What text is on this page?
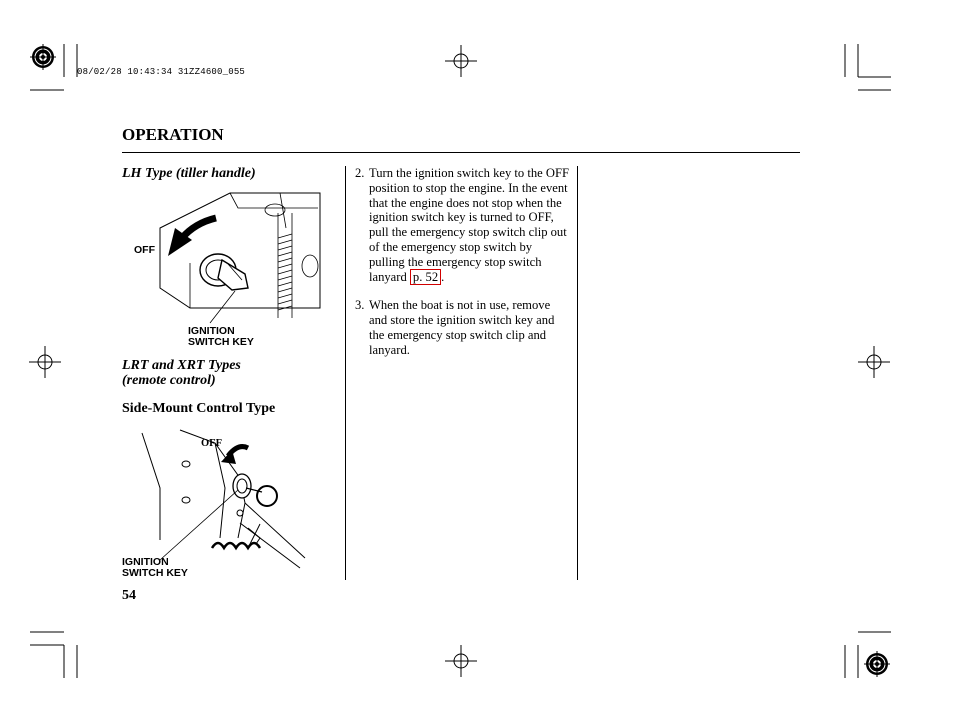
08/02/28 10:43:34 31ZZ4600_055
OPERATION
LH Type (tiller handle)
OFF
IGNITION
SWITCH KEY
LRT and XRT Types
(remote control)
Side-Mount Control Type
OFF
IGNITION
SWITCH KEY
2. Turn the ignition switch key to the OFF position to stop the engine. In the event that the engine does not stop when the ignition switch key is turned to OFF, pull the emergency stop switch clip out of the emergency stop switch by pulling the emergency stop switch lanyard p. 52 .
3. When the boat is not in use, remove and store the ignition switch key and the emergency stop switch clip and lanyard.
54
